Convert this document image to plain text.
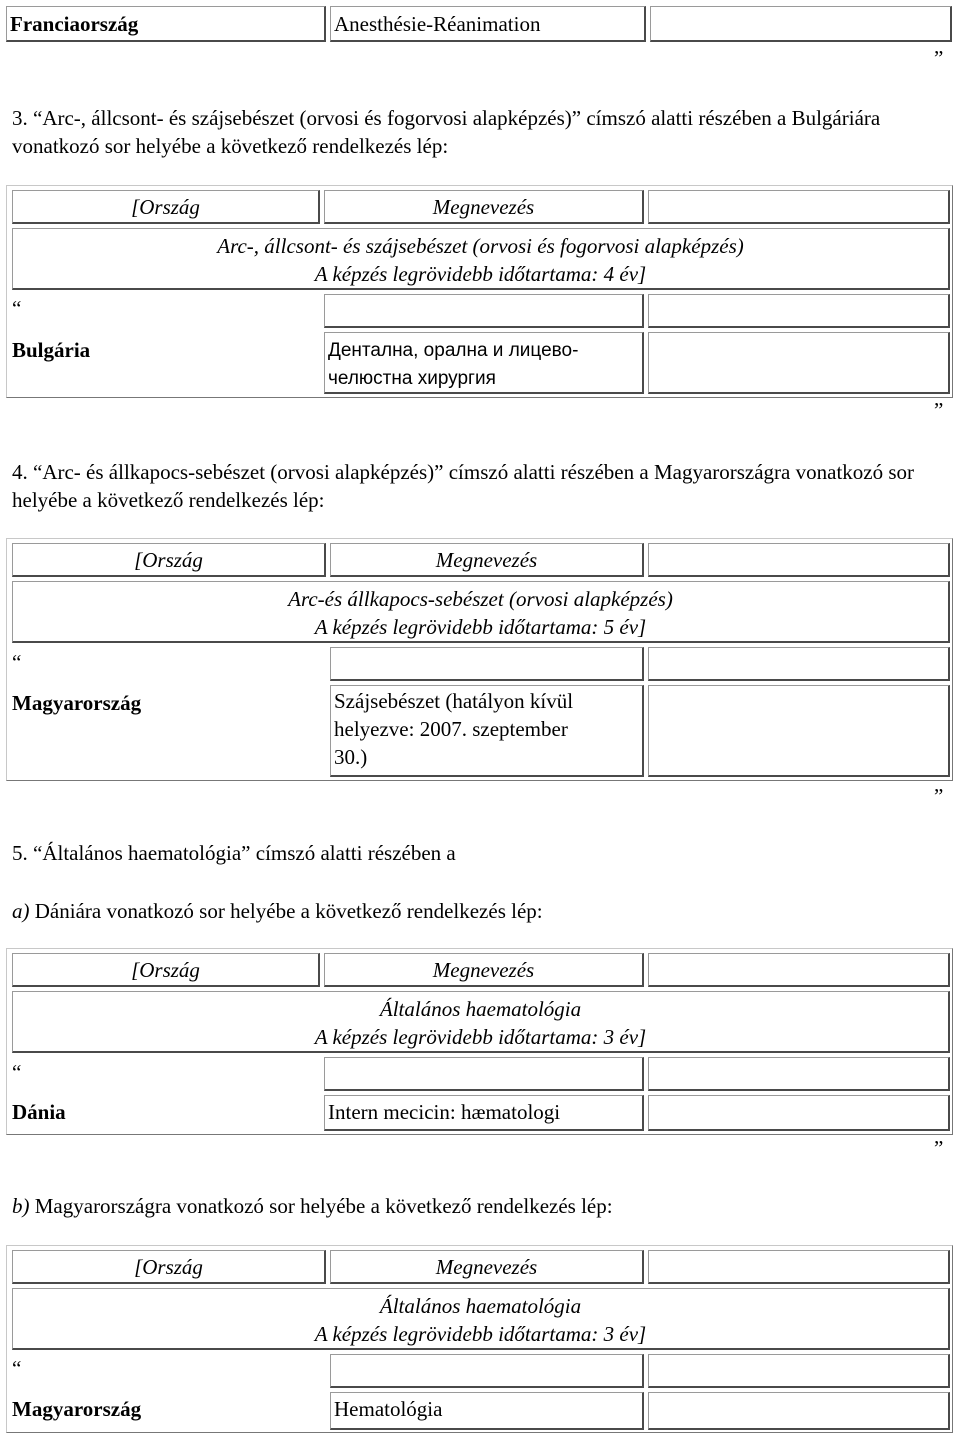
Franciaország	Anesthésie-Réanimation
”
3. “Arc-, állcsont- és szájsebészet (orvosi és fogorvosi alapképzés)” címszó alatti részében a Bulgáriára vonatkozó sor helyébe a következő rendelkezés lép:
[Ország	Megnevezés
Arc-, állcsont- és szájsebészet (orvosi és fogorvosi alapképzés)
A képzés legrövidebb időtartama: 4 év]
“
Bulgária	Дентална, орална и лицево-
челюстна хирургия
”
4. “Arc- és állkapocs-sebészet (orvosi alapképzés)” címszó alatti részében a Magyarországra vonatkozó sor helyébe a következő rendelkezés lép:
[Ország	Megnevezés
Arc-és állkapocs-sebészet (orvosi alapképzés)
A képzés legrövidebb időtartama: 5 év]
“
Magyarország	Szájsebészet (hatályon kívül
helyezve: 2007. szeptember
30.)
”
5. “Általános haematológia” címszó alatti részében a
a) Dániára vonatkozó sor helyébe a következő rendelkezés lép:
[Ország	Megnevezés
Általános haematológia
A képzés legrövidebb időtartama: 3 év]
“
Dánia	Intern mecicin: hæmatologi
”
b) Magyarországra vonatkozó sor helyébe a következő rendelkezés lép:
[Ország	Megnevezés
Általános haematológia
A képzés legrövidebb időtartama: 3 év]
“
Magyarország	Hematológia
